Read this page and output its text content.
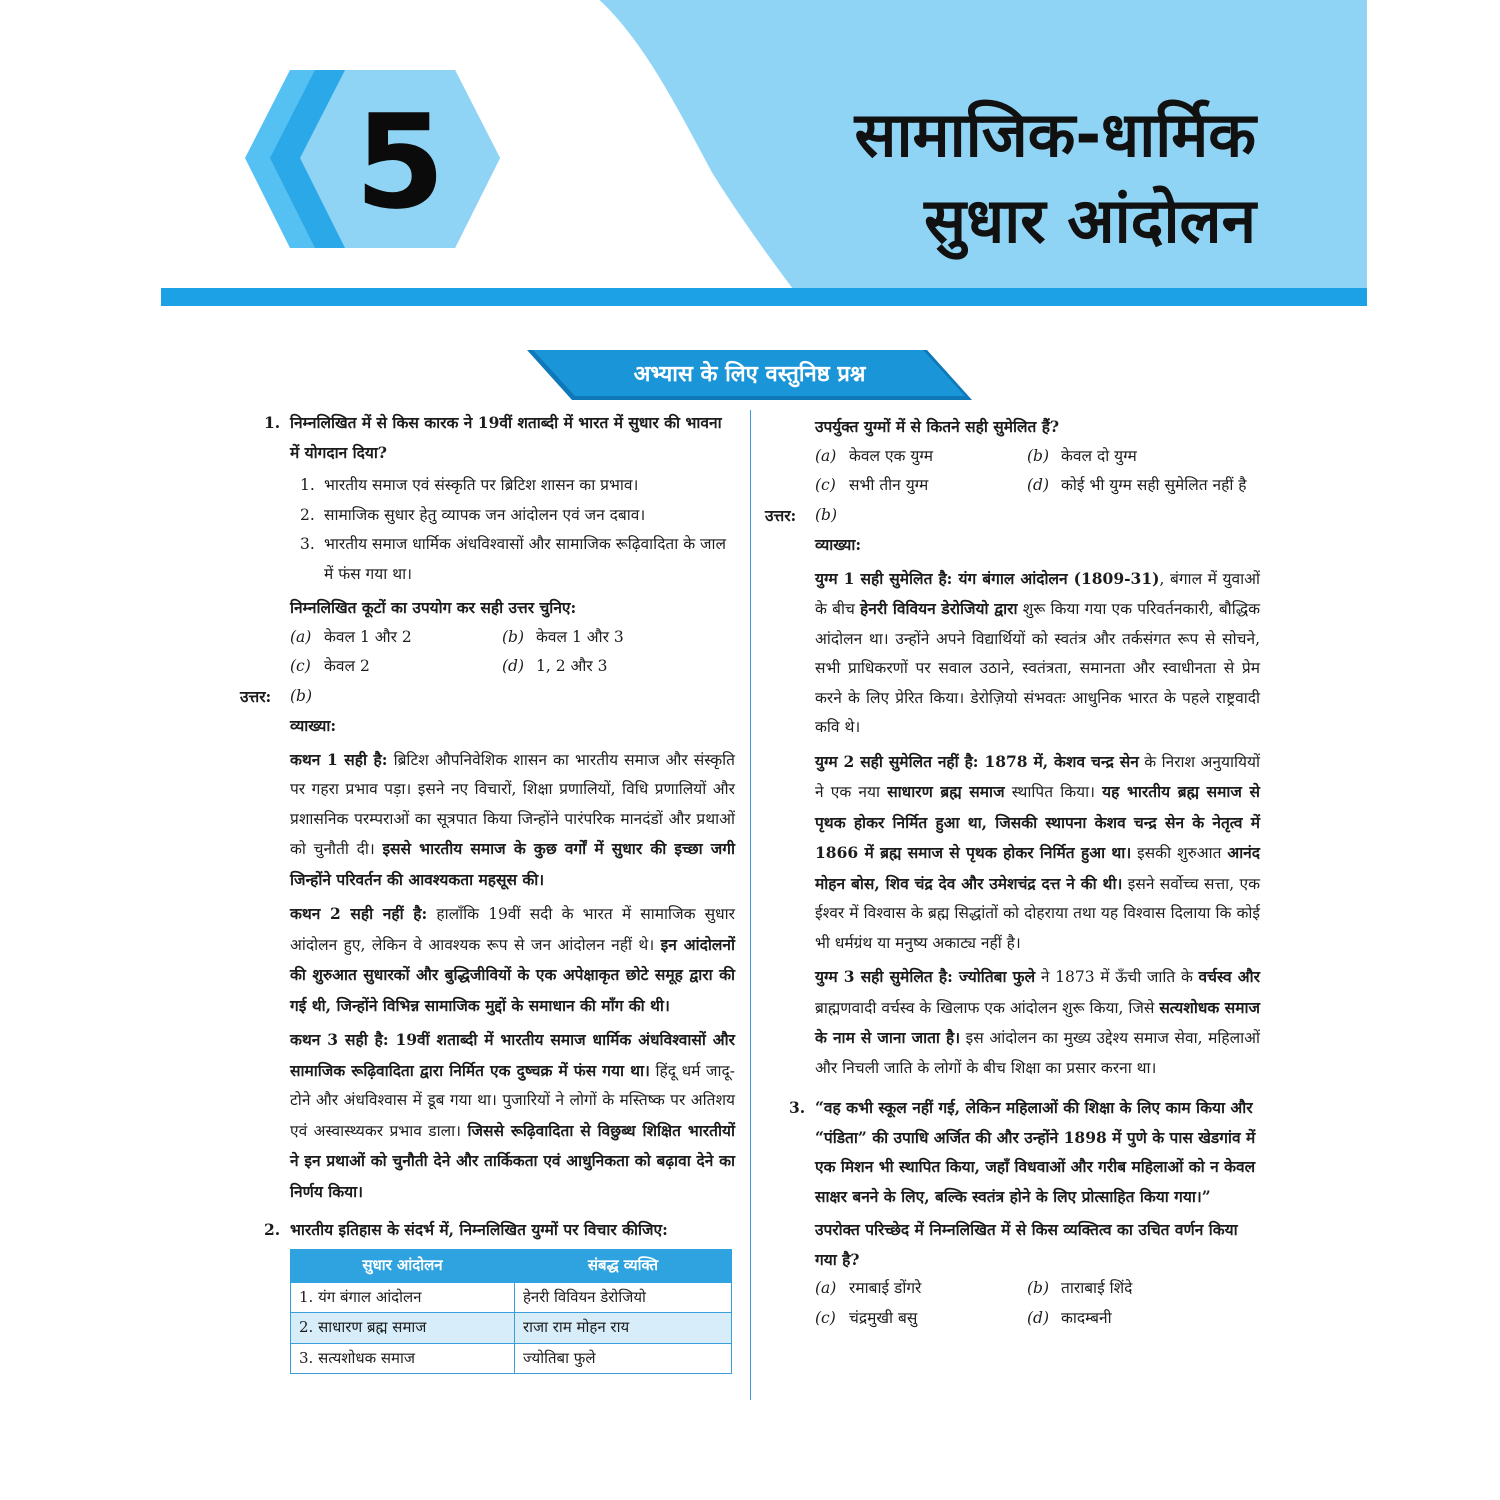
5	सामाजिक-धार्मिक
सुधार आंदोलन
अभ्यास के लिए वस्तुनिष्ठ प्रश्न
1. निम्नलिखित में से किस कारक ने 19वीं शताब्दी में भारत में सुधार की भावना में योगदान दिया?
1. भारतीय समाज एवं संस्कृति पर ब्रिटिश शासन का प्रभाव।
2. सामाजिक सुधार हेतु व्यापक जन आंदोलन एवं जन दबाव।
3. भारतीय समाज धार्मिक अंधविश्वासों और सामाजिक रूढ़िवादिता के जाल में फंस गया था।
निम्नलिखित कूटों का उपयोग कर सही उत्तर चुनिए:
(a) केवल 1 और 2	(b) केवल 1 और 3
(c) केवल 2	(d) 1, 2 और 3
उत्तर: (b)
व्याख्या:
कथन 1 सही है: ब्रिटिश औपनिवेशिक शासन का भारतीय समाज और संस्कृति पर गहरा प्रभाव पड़ा। इसने नए विचारों, शिक्षा प्रणालियों, विधि प्रणालियों और प्रशासनिक परम्पराओं का सूत्रपात किया जिन्होंने पारंपरिक मानदंडों और प्रथाओं को चुनौती दी। इससे भारतीय समाज के कुछ वर्गों में सुधार की इच्छा जगी जिन्होंने परिवर्तन की आवश्यकता महसूस की।
कथन 2 सही नहीं है: हालाँकि 19वीं सदी के भारत में सामाजिक सुधार आंदोलन हुए, लेकिन वे आवश्यक रूप से जन आंदोलन नहीं थे। इन आंदोलनों की शुरुआत सुधारकों और बुद्धिजीवियों के एक अपेक्षाकृत छोटे समूह द्वारा की गई थी, जिन्होंने विभिन्न सामाजिक मुद्दों के समाधान की माँग की थी।
कथन 3 सही है: 19वीं शताब्दी में भारतीय समाज धार्मिक अंधविश्वासों और सामाजिक रूढ़िवादिता द्वारा निर्मित एक दुष्चक्र में फंस गया था। हिंदू धर्म जादू-टोने और अंधविश्वास में डूब गया था। पुजारियों ने लोगों के मस्तिष्क पर अतिशय एवं अस्वास्थ्यकर प्रभाव डाला। जिससे रूढ़िवादिता से विछुब्ध शिक्षित भारतीयों ने इन प्रथाओं को चुनौती देने और तार्किकता एवं आधुनिकता को बढ़ावा देने का निर्णय किया।
2. भारतीय इतिहास के संदर्भ में, निम्नलिखित युग्मों पर विचार कीजिए:
सुधार आंदोलन	संबद्ध व्यक्ति
1. यंग बंगाल आंदोलन	हेनरी विवियन डेरोजियो
2. साधारण ब्रह्म समाज	राजा राम मोहन राय
3. सत्यशोधक समाज	ज्योतिबा फुले
उपर्युक्त युग्मों में से कितने सही सुमेलित हैं?
(a) केवल एक युग्म	(b) केवल दो युग्म
(c) सभी तीन युग्म	(d) कोई भी युग्म सही सुमेलित नहीं है
उत्तर: (b)
व्याख्या:
युग्म 1 सही सुमेलित है: यंग बंगाल आंदोलन (1809-31), बंगाल में युवाओं के बीच हेनरी विवियन डेरोजियो द्वारा शुरू किया गया एक परिवर्तनकारी, बौद्धिक आंदोलन था। उन्होंने अपने विद्यार्थियों को स्वतंत्र और तर्कसंगत रूप से सोचने, सभी प्राधिकरणों पर सवाल उठाने, स्वतंत्रता, समानता और स्वाधीनता से प्रेम करने के लिए प्रेरित किया। डेरोज़ियो संभवतः आधुनिक भारत के पहले राष्ट्रवादी कवि थे।
युग्म 2 सही सुमेलित नहीं है: 1878 में, केशव चन्द्र सेन के निराश अनुयायियों ने एक नया साधारण ब्रह्म समाज स्थापित किया। यह भारतीय ब्रह्म समाज से पृथक होकर निर्मित हुआ था, जिसकी स्थापना केशव चन्द्र सेन के नेतृत्व में 1866 में ब्रह्म समाज से पृथक होकर निर्मित हुआ था। इसकी शुरुआत आनंद मोहन बोस, शिव चंद्र देव और उमेशचंद्र दत्त ने की थी। इसने सर्वोच्च सत्ता, एक ईश्वर में विश्वास के ब्रह्म सिद्धांतों को दोहराया तथा यह विश्वास दिलाया कि कोई भी धर्मग्रंथ या मनुष्य अकाट्य नहीं है।
युग्म 3 सही सुमेलित है: ज्योतिबा फुले ने 1873 में ऊँची जाति के वर्चस्व और ब्राह्मणवादी वर्चस्व के खिलाफ एक आंदोलन शुरू किया, जिसे सत्यशोधक समाज के नाम से जाना जाता है। इस आंदोलन का मुख्य उद्देश्य समाज सेवा, महिलाओं और निचली जाति के लोगों के बीच शिक्षा का प्रसार करना था।
3. “वह कभी स्कूल नहीं गई, लेकिन महिलाओं की शिक्षा के लिए काम किया और “पंडिता” की उपाधि अर्जित की और उन्होंने 1898 में पुणे के पास खेडगांव में एक मिशन भी स्थापित किया, जहाँ विधवाओं और गरीब महिलाओं को न केवल साक्षर बनने के लिए, बल्कि स्वतंत्र होने के लिए प्रोत्साहित किया गया।”
उपरोक्त परिच्छेद में निम्नलिखित में से किस व्यक्तित्व का उचित वर्णन किया गया है?
(a) रमाबाई डोंगरे	(b) ताराबाई शिंदे
(c) चंद्रमुखी बसु	(d) कादम्बनी
